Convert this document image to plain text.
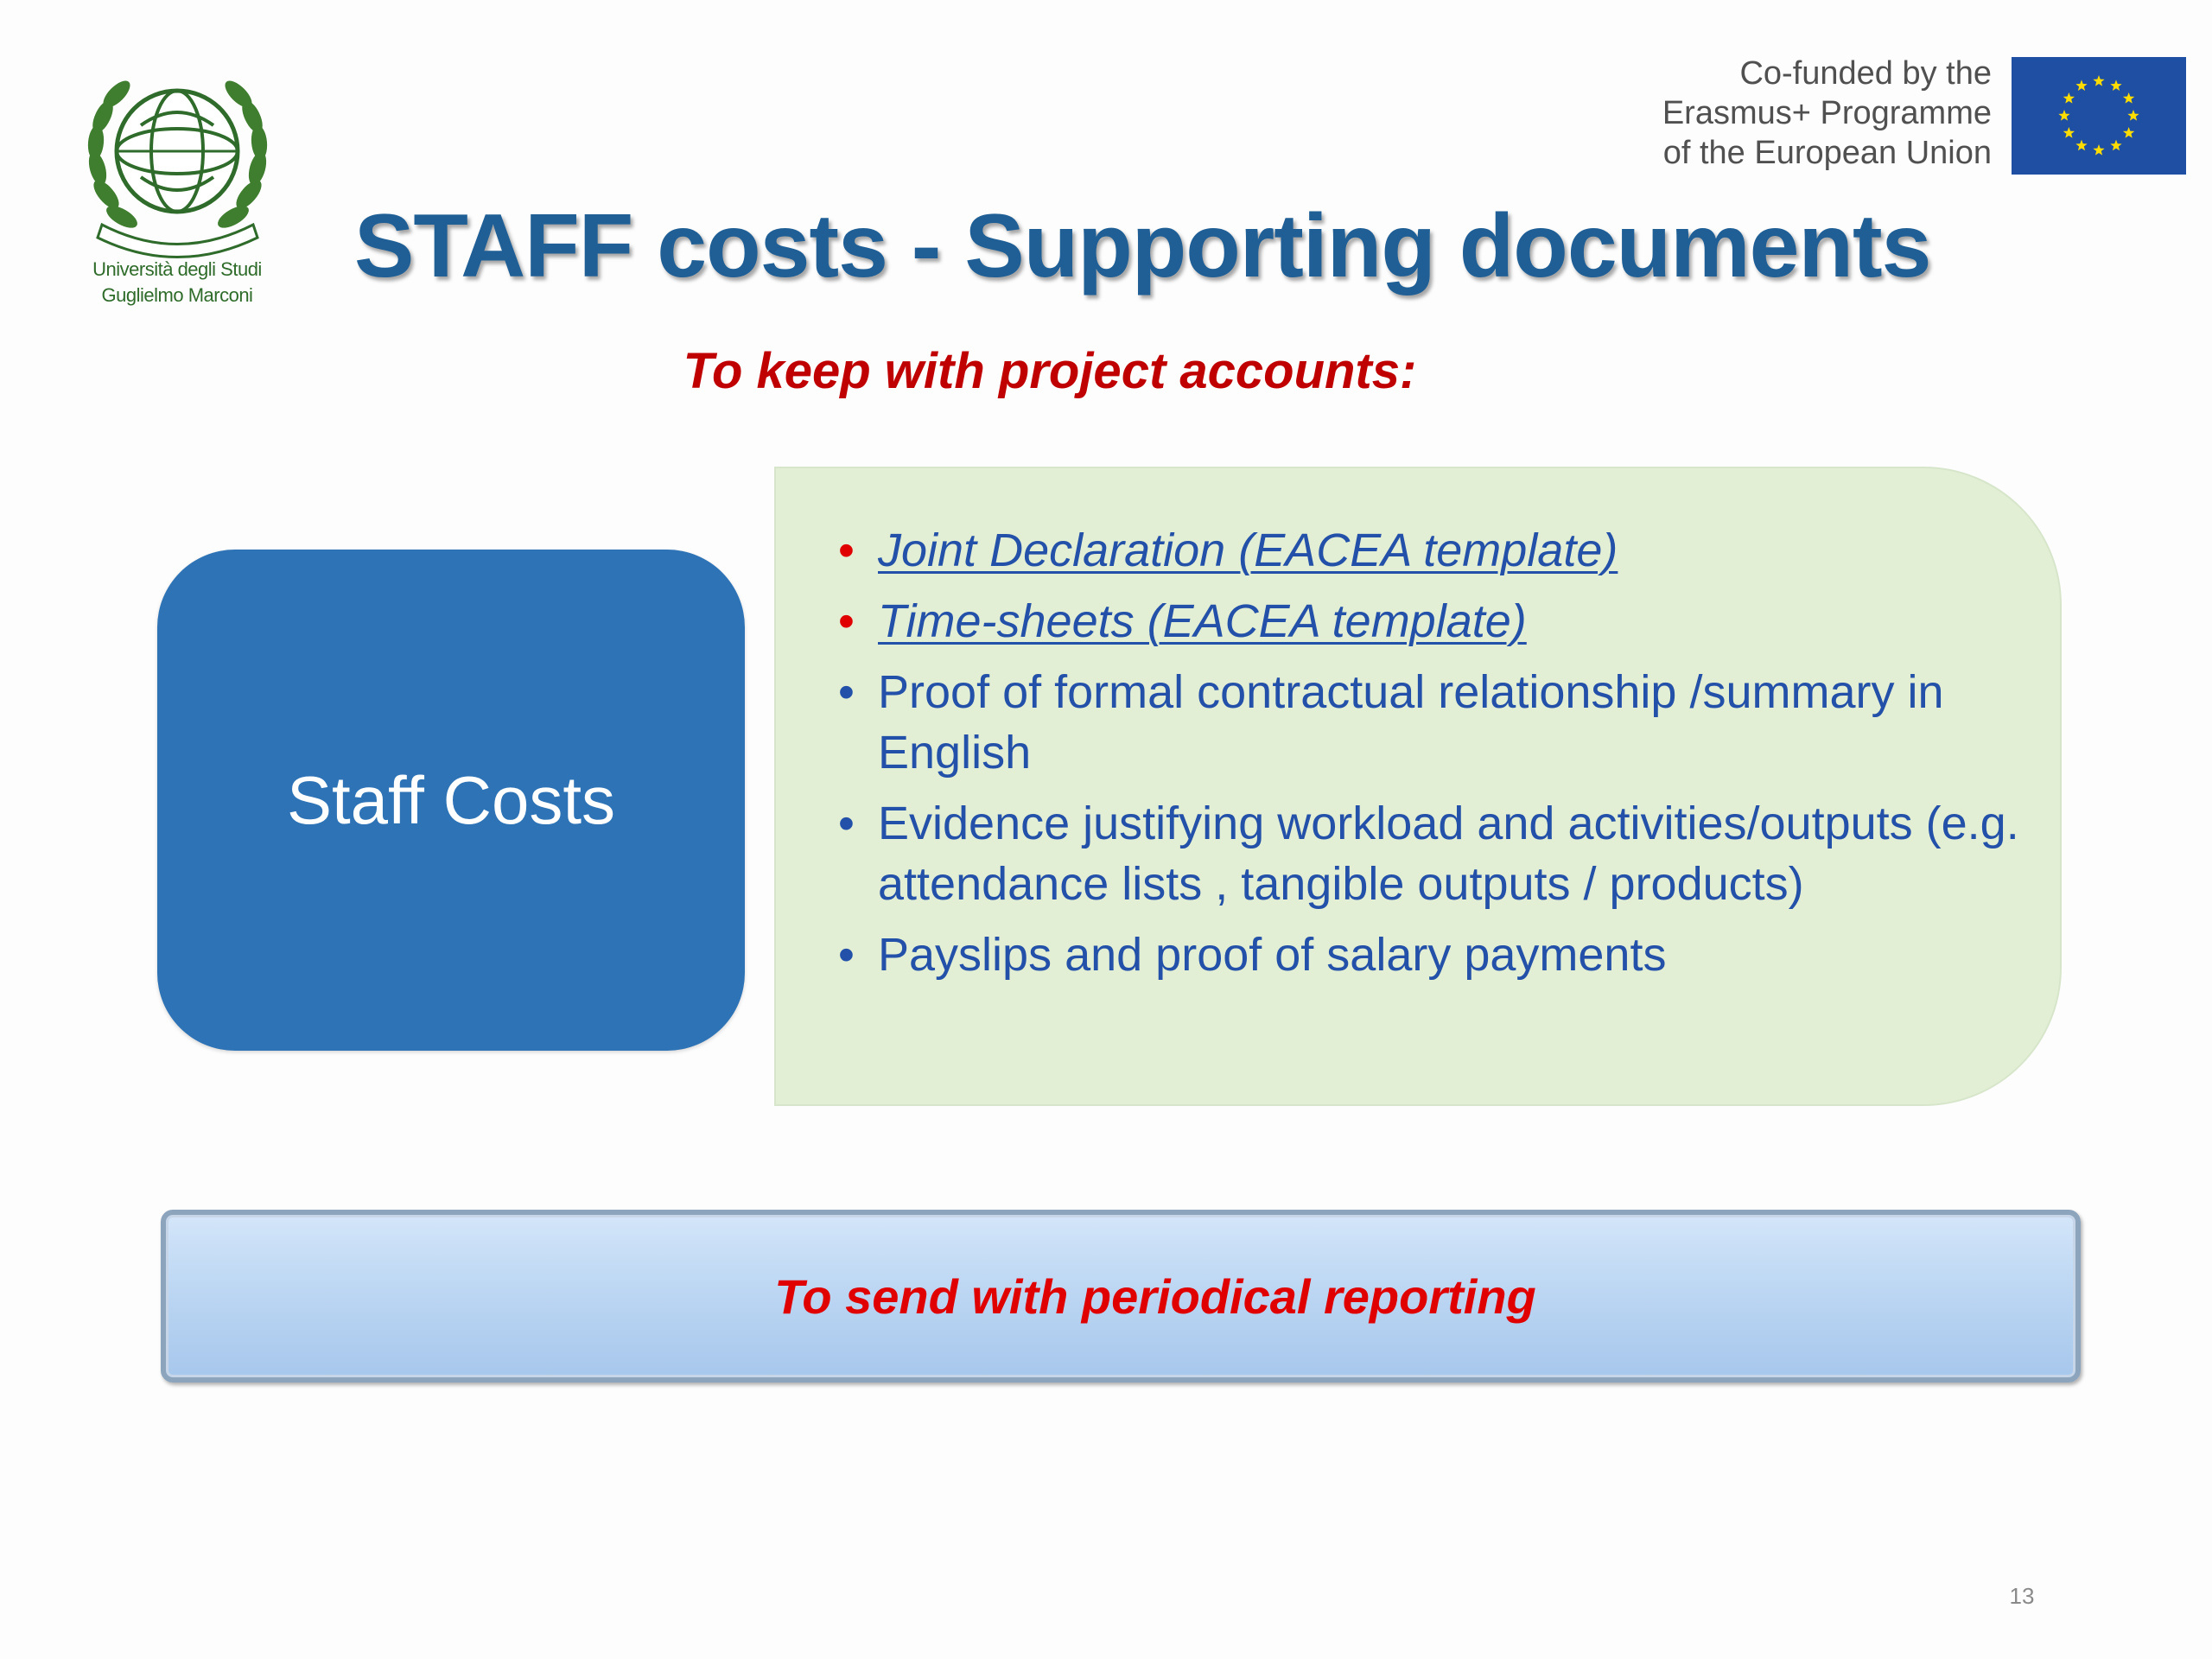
Università degli Studi
Guglielmo Marconi
Co-funded by the
Erasmus+ Programme
of the European Union
STAFF costs - Supporting documents
To keep with project accounts:
Staff Costs
• Joint Declaration (EACEA template)
• Time-sheets (EACEA template)
• Proof of formal contractual relationship /summary in English
• Evidence justifying workload and activities/outputs (e.g. attendance lists , tangible outputs / products)
• Payslips and proof of salary payments
To send with periodical reporting
13
